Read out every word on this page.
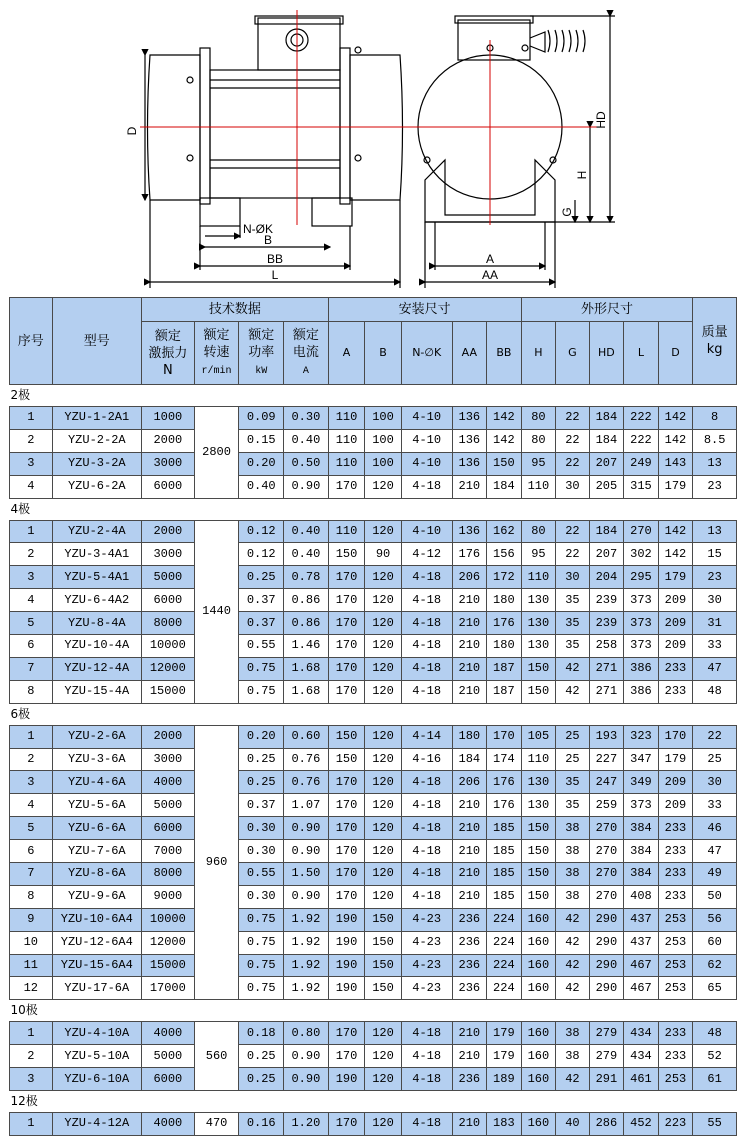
D
N-ØK
B
BB
L
HD
H
G
A
AA
序号	型号	技术数据				安装尺寸					外形尺寸					质量
kg
		额定
激振力
N	额定
转速
r/min	额定
功率
kW	额定
电流
A	A	B	N-∅K	AA	BB	H	G	HD	L	D	
2极																
1	YZU-1-2A1	1000	2800	0.09	0.30	110	100	4-10	136	142	80	22	184	222	142	8
2	YZU-2-2A	2000		0.15	0.40	110	100	4-10	136	142	80	22	184	222	142	8.5
3	YZU-3-2A	3000		0.20	0.50	110	100	4-10	136	150	95	22	207	249	143	13
4	YZU-6-2A	6000		0.40	0.90	170	120	4-18	210	184	110	30	205	315	179	23
4极																
1	YZU-2-4A	2000	1440	0.12	0.40	110	120	4-10	136	162	80	22	184	270	142	13
2	YZU-3-4A1	3000		0.12	0.40	150	90	4-12	176	156	95	22	207	302	142	15
3	YZU-5-4A1	5000		0.25	0.78	170	120	4-18	206	172	110	30	204	295	179	23
4	YZU-6-4A2	6000		0.37	0.86	170	120	4-18	210	180	130	35	239	373	209	30
5	YZU-8-4A	8000		0.37	0.86	170	120	4-18	210	176	130	35	239	373	209	31
6	YZU-10-4A	10000		0.55	1.46	170	120	4-18	210	180	130	35	258	373	209	33
7	YZU-12-4A	12000		0.75	1.68	170	120	4-18	210	187	150	42	271	386	233	47
8	YZU-15-4A	15000		0.75	1.68	170	120	4-18	210	187	150	42	271	386	233	48
6极																
1	YZU-2-6A	2000	960	0.20	0.60	150	120	4-14	180	170	105	25	193	323	170	22
2	YZU-3-6A	3000		0.25	0.76	150	120	4-16	184	174	110	25	227	347	179	25
3	YZU-4-6A	4000		0.25	0.76	170	120	4-18	206	176	130	35	247	349	209	30
4	YZU-5-6A	5000		0.37	1.07	170	120	4-18	210	176	130	35	259	373	209	33
5	YZU-6-6A	6000		0.30	0.90	170	120	4-18	210	185	150	38	270	384	233	46
6	YZU-7-6A	7000		0.30	0.90	170	120	4-18	210	185	150	38	270	384	233	47
7	YZU-8-6A	8000		0.55	1.50	170	120	4-18	210	185	150	38	270	384	233	49
8	YZU-9-6A	9000		0.30	0.90	170	120	4-18	210	185	150	38	270	408	233	50
9	YZU-10-6A4	10000		0.75	1.92	190	150	4-23	236	224	160	42	290	437	253	56
10	YZU-12-6A4	12000		0.75	1.92	190	150	4-23	236	224	160	42	290	437	253	60
11	YZU-15-6A4	15000		0.75	1.92	190	150	4-23	236	224	160	42	290	467	253	62
12	YZU-17-6A	17000		0.75	1.92	190	150	4-23	236	224	160	42	290	467	253	65
10极																
1	YZU-4-10A	4000	560	0.18	0.80	170	120	4-18	210	179	160	38	279	434	233	48
2	YZU-5-10A	5000		0.25	0.90	170	120	4-18	210	179	160	38	279	434	233	52
3	YZU-6-10A	6000		0.25	0.90	190	120	4-18	236	189	160	42	291	461	253	61
12极																
1	YZU-4-12A	4000	470	0.16	1.20	170	120	4-18	210	183	160	40	286	452	223	55
